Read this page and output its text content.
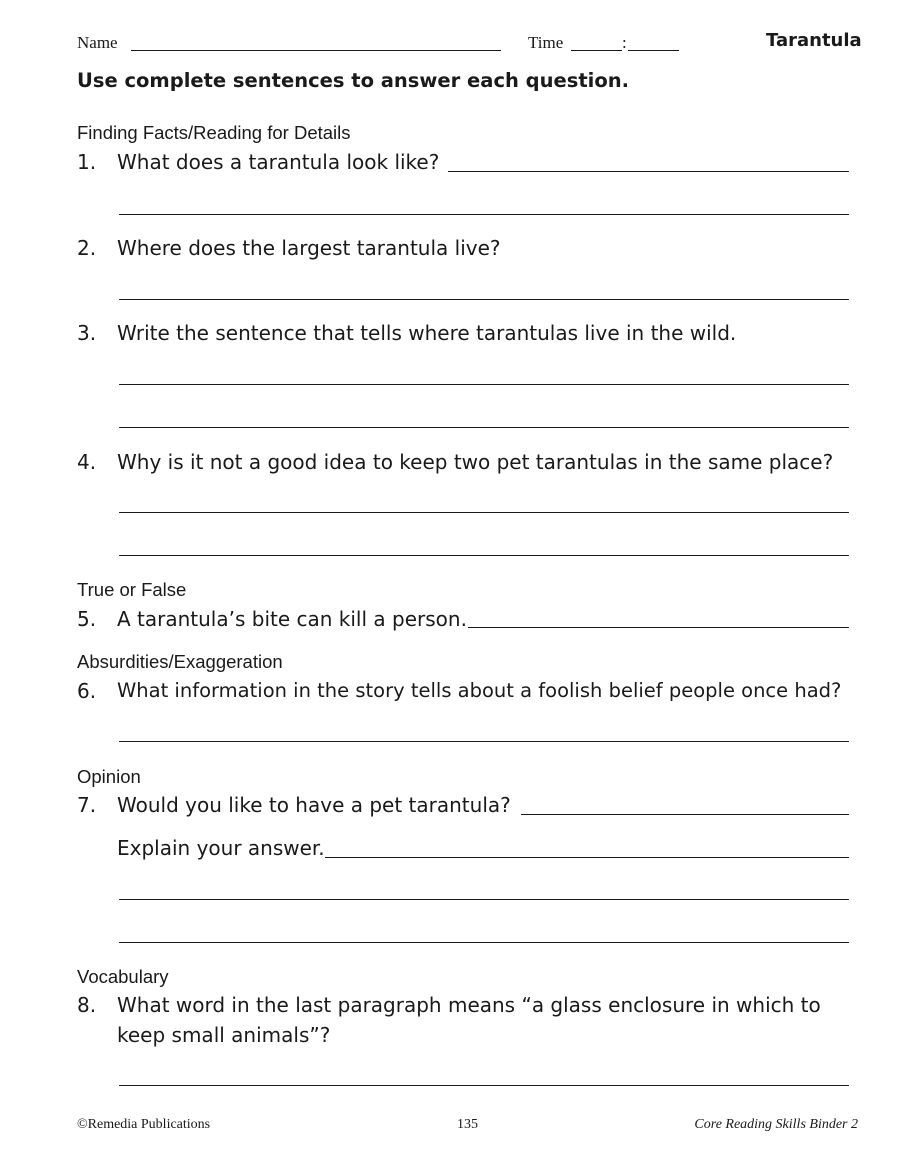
Name	Time	:	Tarantula
Use complete sentences to answer each question.
Finding Facts/Reading for Details
1. What does a tarantula look like?
2. Where does the largest tarantula live?
3. Write the sentence that tells where tarantulas live in the wild.
4. Why is it not a good idea to keep two pet tarantulas in the same place?
True or False
5. A tarantula’s bite can kill a person.
Absurdities/Exaggeration
6. What information in the story tells about a foolish belief people once had?
Opinion
7. Would you like to have a pet tarantula?
Explain your answer.
Vocabulary
8. What word in the last paragraph means “a glass enclosure in which to
keep small animals”?
©Remedia Publications	135	Core Reading Skills Binder 2
